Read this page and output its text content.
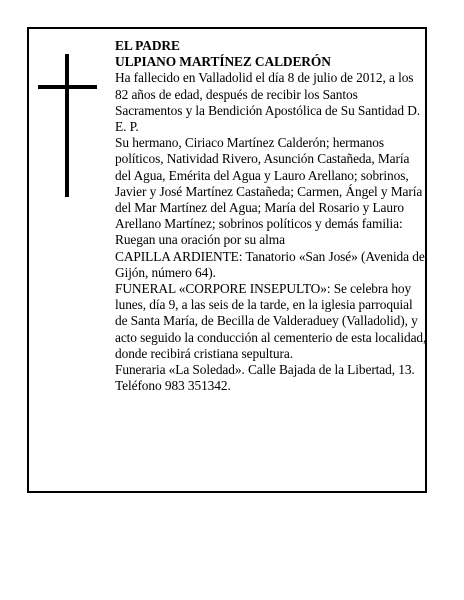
EL PADRE

ULPIANO MARTÍNEZ CALDERÓN

Ha fallecido en Valladolid el día 8 de julio de 2012, a los 82 años de edad, después de recibir los Santos Sacramentos y la Bendición Apostólica de Su Santidad D. E. P.

Su hermano, Ciriaco Martínez Calderón; hermanos políticos, Natividad Rivero, Asunción Castañeda, María del Agua, Emérita del Agua y Lauro Arellano; sobrinos, Javier y José Martínez Castañeda; Carmen, Ángel y María del Mar Martínez del Agua; María del Rosario y Lauro Arellano Martínez; sobrinos políticos y demás familia:

Ruegan una oración por su alma

CAPILLA ARDIENTE: Tanatorio «San José» (Avenida de Gijón, número 64).

FUNERAL «CORPORE INSEPULTO»: Se celebra hoy lunes, día 9, a las seis de la tarde, en la iglesia parroquial de Santa María, de Becilla de Valderaduey (Valladolid), y acto seguido la conducción al cementerio de esta localidad, donde recibirá cristiana sepultura.

Funeraria «La Soledad». Calle Bajada de la Libertad, 13. Teléfono 983 351342.
